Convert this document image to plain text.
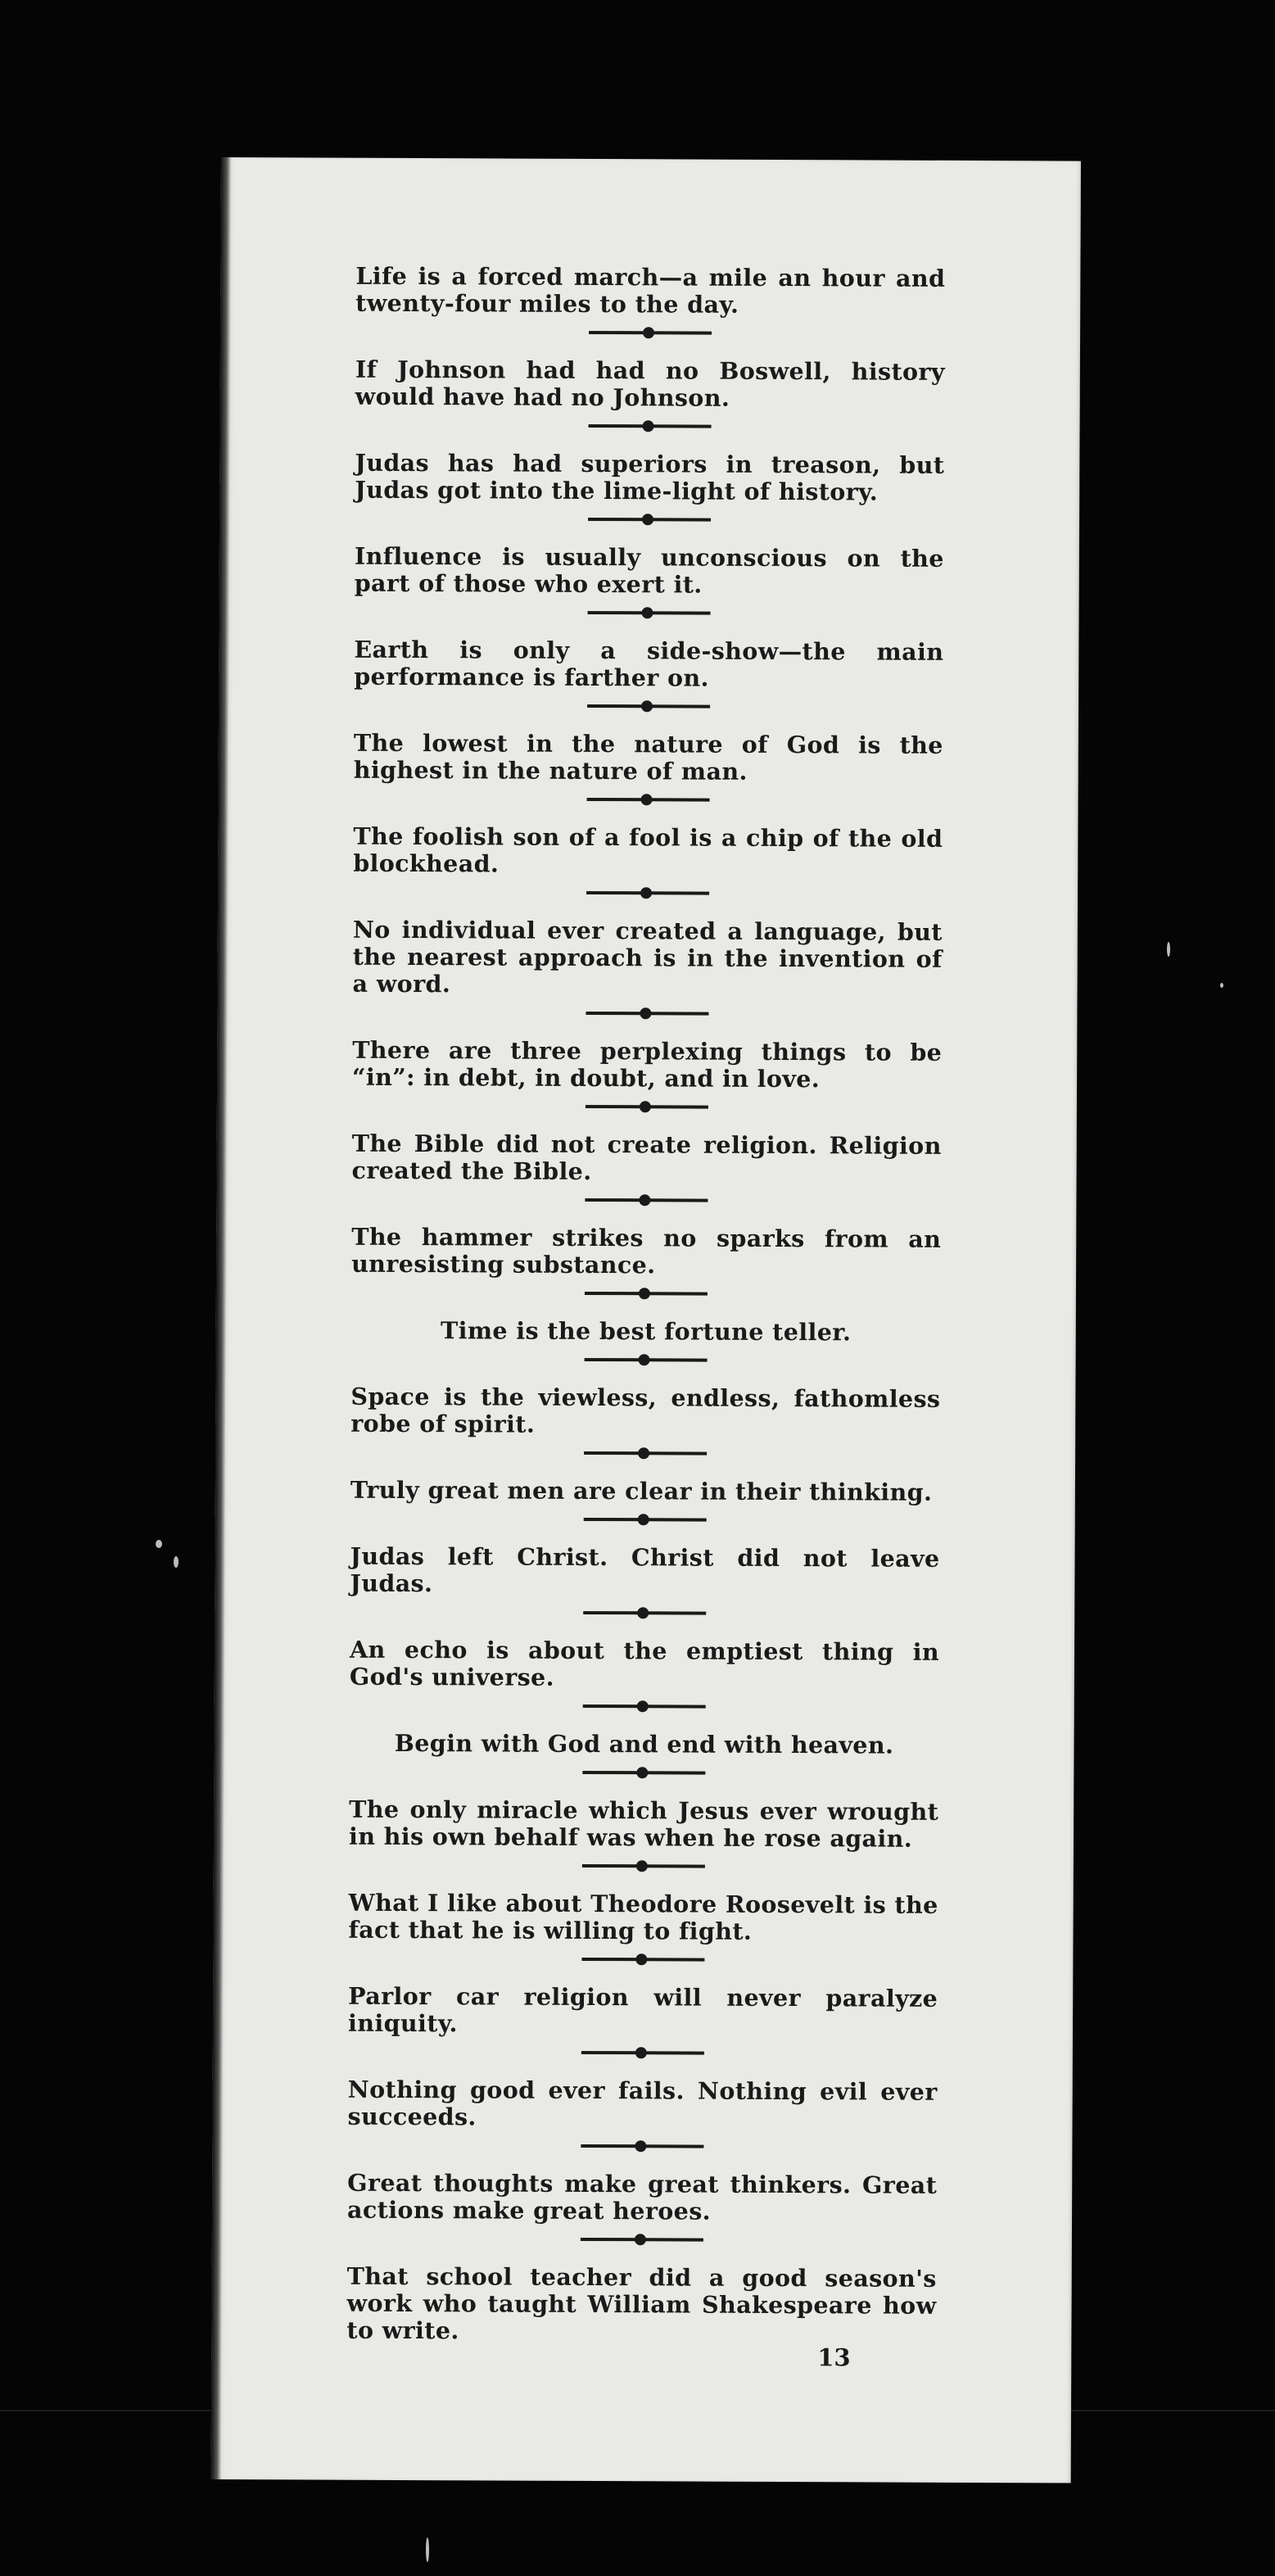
Life is a forced march—a mile an hour and twenty-four miles to the day.

If Johnson had had no Boswell, history would have had no Johnson.

Judas has had superiors in treason, but Judas got into the lime-light of history.

Influence is usually unconscious on the part of those who exert it.

Earth is only a side-show—the main performance is farther on.

The lowest in the nature of God is the highest in the nature of man.

The foolish son of a fool is a chip of the old blockhead.

No individual ever created a language, but the nearest approach is in the invention of a word.

There are three perplexing things to be “in”: in debt, in doubt, and in love.

The Bible did not create religion. Religion created the Bible.

The hammer strikes no sparks from an unresisting substance.

Time is the best fortune teller.

Space is the viewless, endless, fathomless robe of spirit.

Truly great men are clear in their thinking.

Judas left Christ. Christ did not leave Judas.

An echo is about the emptiest thing in God's universe.

Begin with God and end with heaven.

The only miracle which Jesus ever wrought in his own behalf was when he rose again.

What I like about Theodore Roosevelt is the fact that he is willing to fight.

Parlor car religion will never paralyze iniquity.

Nothing good ever fails. Nothing evil ever succeeds.

Great thoughts make great thinkers. Great actions make great heroes.

That school teacher did a good season's work who taught William Shakespeare how to write.

13
